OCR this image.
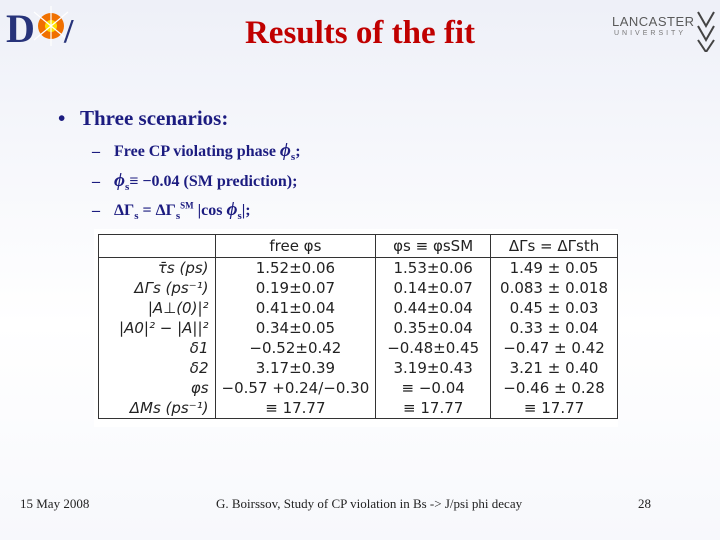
D /	LANCASTER
UNIVERSITY
Results of the fit
• Three scenarios:
– Free CP violating phase $\phi_s$;
– $\phi_s\equiv -0.04$ (SM prediction);
– $\Delta\Gamma_s = \Delta\Gamma_s℠$ |cos $\phi_s|$;
	free φs	φs ≡ φsSM	ΔΓs = ΔΓsth
τ̄s (ps)	1.52±0.06	1.53±0.06	1.49 ± 0.05
ΔΓs (ps⁻¹)	0.19±0.07	0.14±0.07	0.083 ± 0.018
|A⊥(0)|²	0.41±0.04	0.44±0.04	0.45 ± 0.03
|A0|² − |A||²	0.34±0.05	0.35±0.04	0.33 ± 0.04
δ1	−0.52±0.42	−0.48±0.45	−0.47 ± 0.42
δ2	3.17±0.39	3.19±0.43	3.21 ± 0.40
φs	−0.57 +0.24/−0.30	≡ −0.04	−0.46 ± 0.28
ΔMs (ps⁻¹)	≡ 17.77	≡ 17.77	≡ 17.77
15 May 2008	G. Boirssov, Study of CP violation in Bs -> J/psi phi decay	28
